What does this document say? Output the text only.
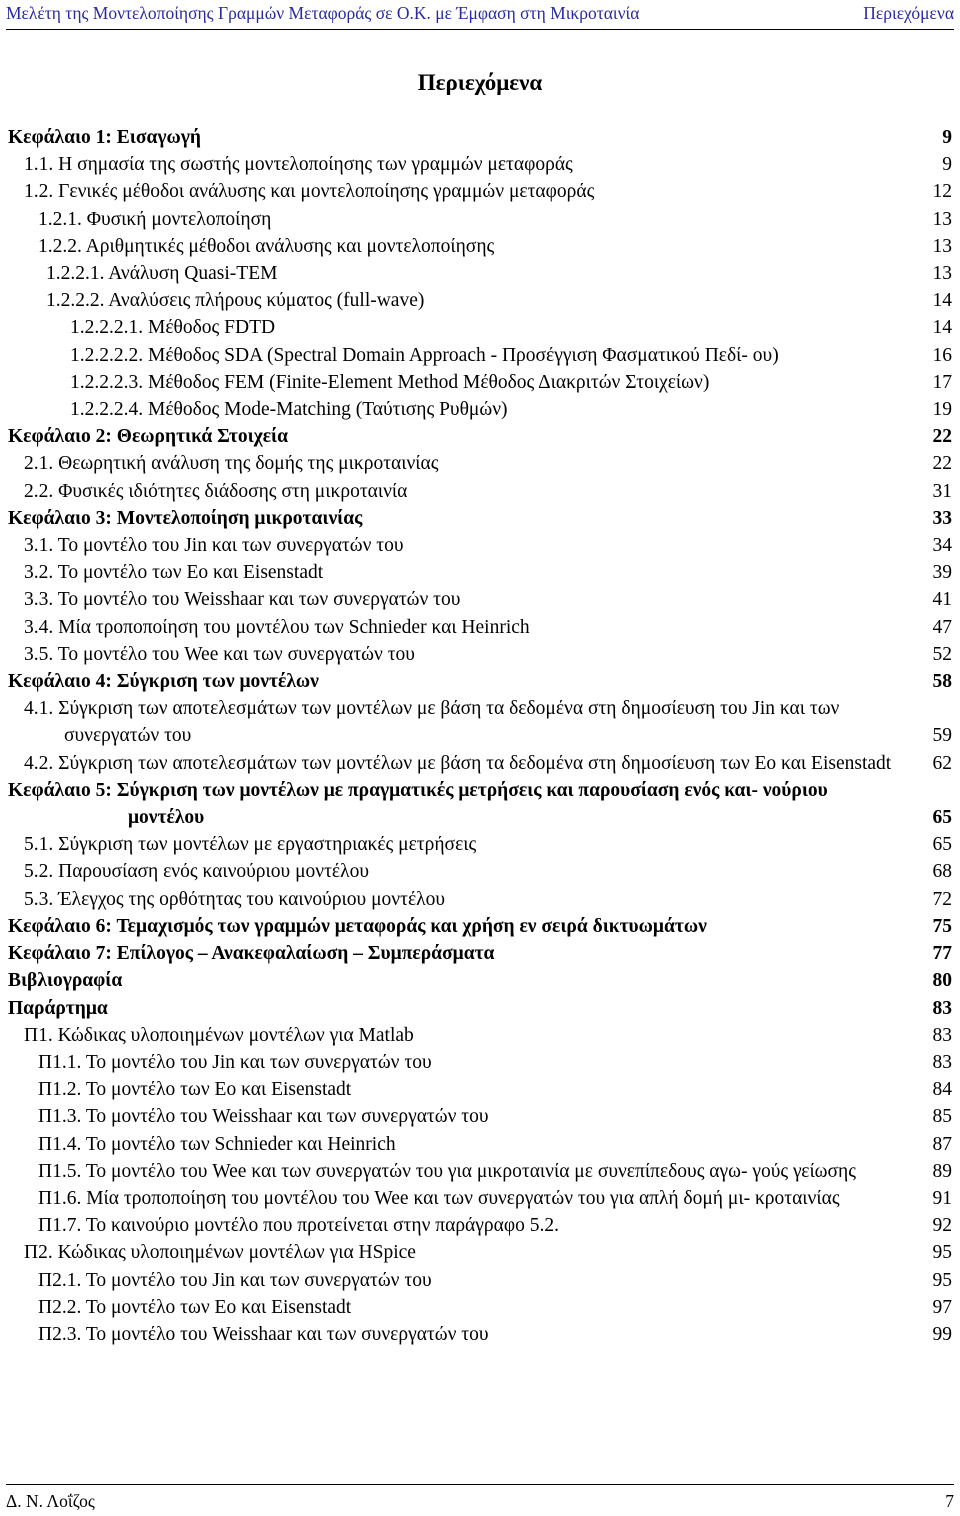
Μελέτη της Μοντελοποίησης Γραμμών Μεταφοράς σε Ο.Κ. με Έμφαση στη Μικροταινία	Περιεχόμενα
Περιεχόμενα
Κεφάλαιο 1: Εισαγωγή	9
1.1. Η σημασία της σωστής μοντελοποίησης των γραμμών μεταφοράς	9
1.2. Γενικές μέθοδοι ανάλυσης και μοντελοποίησης γραμμών μεταφοράς	12
1.2.1. Φυσική μοντελοποίηση	13
1.2.2. Αριθμητικές μέθοδοι ανάλυσης και μοντελοποίησης	13
1.2.2.1. Ανάλυση Quasi-TEM	13
1.2.2.2. Αναλύσεις πλήρους κύματος (full-wave)	14
1.2.2.2.1. Μέθοδος FDTD	14
1.2.2.2.2. Μέθοδος SDA (Spectral Domain Approach - Προσέγγιση Φασματικού Πεδί- ου)	16
1.2.2.2.3. Μέθοδος FEM (Finite-Element Method Μέθοδος Διακριτών Στοιχείων)	17
1.2.2.2.4. Μέθοδος Mode-Matching (Ταύτισης Ρυθμών)	19
Κεφάλαιο 2: Θεωρητικά Στοιχεία	22
2.1. Θεωρητική ανάλυση της δομής της μικροταινίας	22
2.2. Φυσικές ιδιότητες διάδοσης στη μικροταινία	31
Κεφάλαιο 3: Μοντελοποίηση μικροταινίας	33
3.1. Το μοντέλο του Jin και των συνεργατών του	34
3.2. Το μοντέλο των Eo και Eisenstadt	39
3.3. Το μοντέλο του Weisshaar και των συνεργατών του	41
3.4. Μία τροποποίηση του μοντέλου των Schnieder και Heinrich	47
3.5. Το μοντέλο του Wee και των συνεργατών του	52
Κεφάλαιο 4: Σύγκριση των μοντέλων	58
4.1. Σύγκριση των αποτελεσμάτων των μοντέλων με βάση τα δεδομένα στη δημοσίευση του Jin και των συνεργατών του	59
4.2. Σύγκριση των αποτελεσμάτων των μοντέλων με βάση τα δεδομένα στη δημοσίευση των Eo και Eisenstadt	62
Κεφάλαιο 5: Σύγκριση των μοντέλων με πραγματικές μετρήσεις και παρουσίαση ενός και- νούριου μοντέλου	65
5.1. Σύγκριση των μοντέλων με εργαστηριακές μετρήσεις	65
5.2. Παρουσίαση ενός καινούριου μοντέλου	68
5.3. Έλεγχος της ορθότητας του καινούριου μοντέλου	72
Κεφάλαιο 6: Τεμαχισμός των γραμμών μεταφοράς και χρήση εν σειρά δικτυωμάτων	75
Κεφάλαιο 7: Επίλογος – Ανακεφαλαίωση – Συμπεράσματα	77
Βιβλιογραφία	80
Παράρτημα	83
Π1. Κώδικας υλοποιημένων μοντέλων για Matlab	83
Π1.1. Το μοντέλο του Jin και των συνεργατών του	83
Π1.2. Το μοντέλο των Eo και Eisenstadt	84
Π1.3. Το μοντέλο του Weisshaar και των συνεργατών του	85
Π1.4. Το μοντέλο των Schnieder και Heinrich	87
Π1.5. Το μοντέλο του Wee και των συνεργατών του για μικροταινία με συνεπίπεδους αγω- γούς γείωσης	89
Π1.6. Μία τροποποίηση του μοντέλου του Wee και των συνεργατών του για απλή δομή μι- κροταινίας	91
Π1.7. Το καινούριο μοντέλο που προτείνεται στην παράγραφο 5.2.	92
Π2. Κώδικας υλοποιημένων μοντέλων για HSpice	95
Π2.1. Το μοντέλο του Jin και των συνεργατών του	95
Π2.2. Το μοντέλο των Eo και Eisenstadt	97
Π2.3. Το μοντέλο του Weisshaar και των συνεργατών του	99
Δ. Ν. Λοΐζος	7
